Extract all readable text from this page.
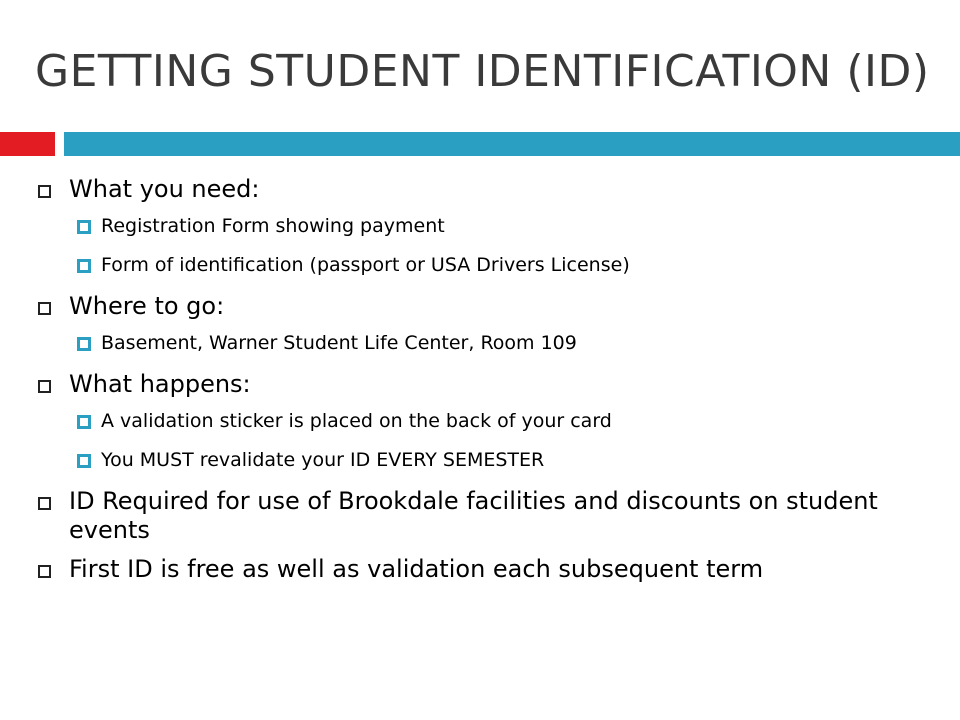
GETTING STUDENT IDENTIFICATION (ID)
What you need:
Registration Form showing payment
Form of identification (passport or USA Drivers License)
Where to go:
Basement, Warner Student Life Center, Room 109
What happens:
A validation sticker is placed on the back of your card
You MUST revalidate your ID EVERY SEMESTER
ID Required for use of Brookdale facilities and discounts on student events
First ID is free as well as validation each subsequent term
